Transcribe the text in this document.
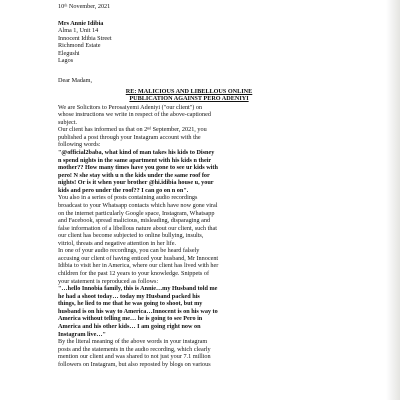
10ᵗʰ November, 2021
Mrs Annie Idibia
Alma 1, Unit 14
Innocent Idibia Street
Richmond Estate
Elegushi
Lagos
Dear Madam,
RE: MALICIOUS AND LIBELLOUS ONLINE
PUBLICATION AGAINST PERO ADENIYI
We are Solicitors to Perosaiyemi Adeniyi ("our client") on
whose instructions we write in respect of the above-captioned
subject.
Our client has informed us that on 2ⁿᵈ September, 2021, you
published a post through your Instagram account with the
following words:
"@official2baba, what kind of man takes his kids to Disney
n spend nights in the same apartment with his kids n their
mother?? How many times have you gone to see ur kids with
pero! N she stay with u n the kids under the same roof for
nights! Or is it when your brother @hi.idibia house u, your
kids and pero under the roof?? I can go on n on".
You also in a series of posts containing audio recordings
broadcast to your Whatsapp contacts which have now gone viral
on the internet particularly Google space, Instagram, Whatsapp
and Facebook, spread malicious, misleading, disparaging and
false information of a libellous nature about our client, such that
our client has become subjected to online bullying, insults,
vitriol, threats and negative attention in her life.
In one of your audio recordings, you can be heard falsely
accusing our client of having enticed your husband, Mr Innocent
Idibia to visit her in America, where our client has lived with her
children for the past 12 years to your knowledge. Snippets of
your statement is reproduced as follows:
"…hello Innobia family, this is Annie…my Husband told me
he had a shoot today… today my Husband packed his
things, he lied to me that he was going to shoot, but my
husband is on his way to America…Innocent is on his way to
America without telling me… he is going to see Pero in
America and his other kids… I am going right now on
Instagram live…"
By the literal meaning of the above words in your instagram
posts and the statements in the audio recording, which clearly
mention our client and was shared to not just your 7.1 million
followers on Instagram, but also reposted by blogs on various
